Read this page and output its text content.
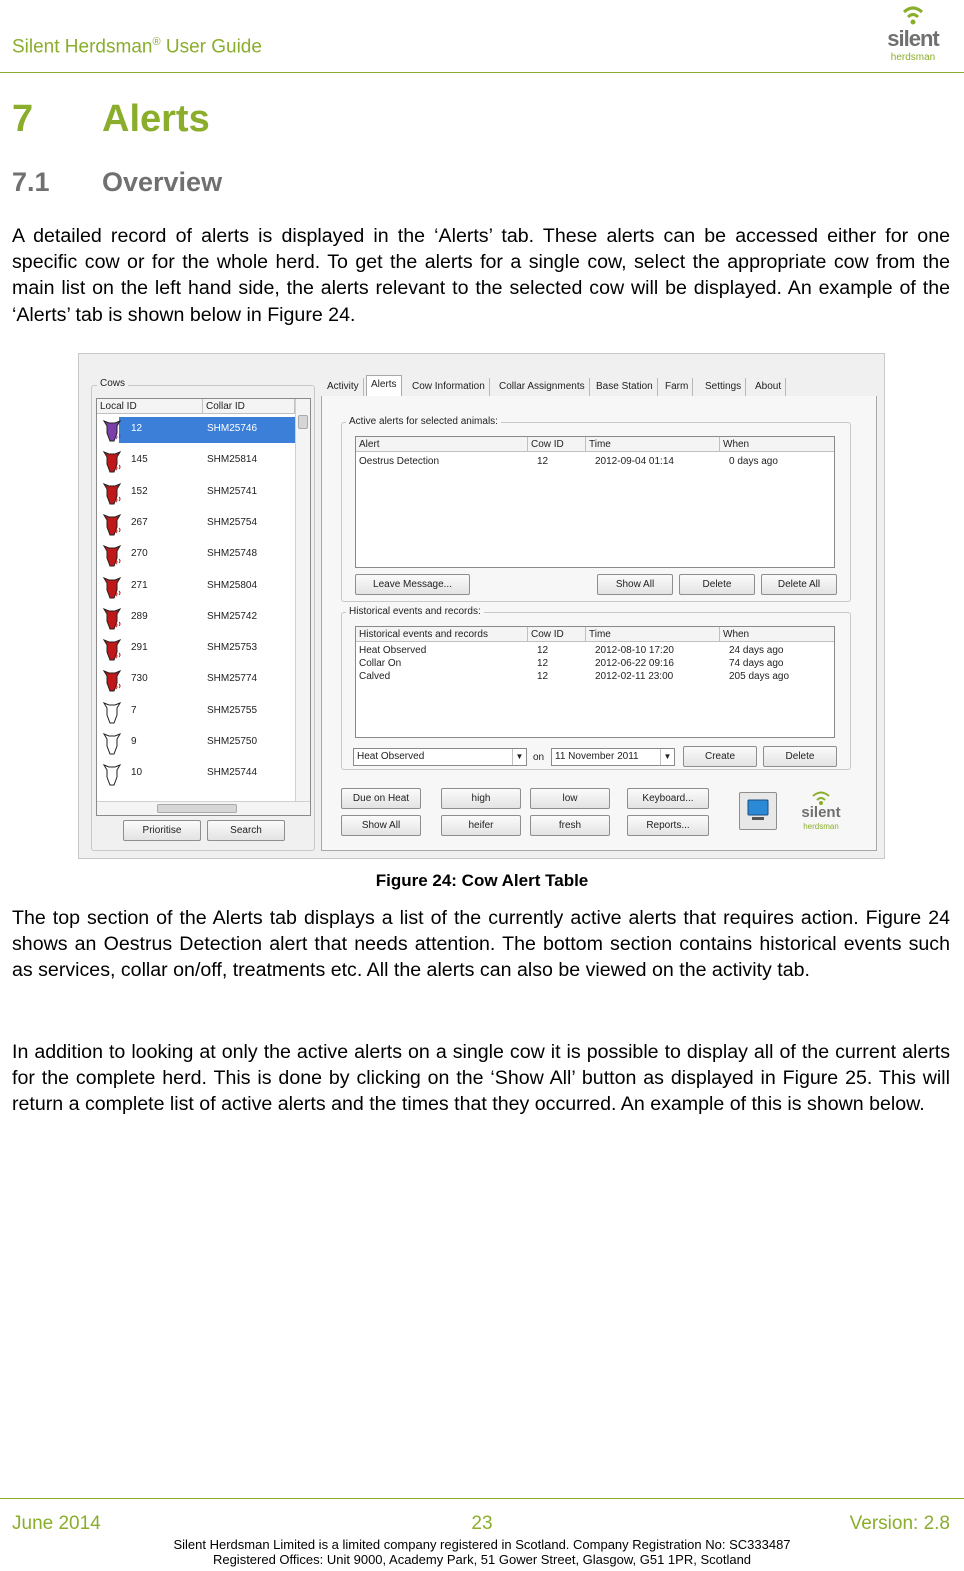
Silent Herdsman® User Guide	silent
herdsman
7 Alerts
7.1 Overview

A detailed record of alerts is displayed in the ‘Alerts’ tab. These alerts can be accessed either for one specific cow or for the whole herd. To get the alerts for a single cow, select the appropriate cow from the main list on the left hand side, the alerts relevant to the selected cow will be displayed. An example of the ‘Alerts’ tab is shown below in Figure 24.

Cows
Local ID	Collar ID
12	SHM25746
145	SHM25814
152	SHM25741
267	SHM25754
270	SHM25748
271	SHM25804
289	SHM25742
291	SHM25753
730	SHM25774
7	SHM25755
9	SHM25750
10	SHM25744
Prioritise	Search
Activity	Alerts	Cow Information	Collar Assignments	Base Station	Farm	Settings	About
Active alerts for selected animals:
Alert	Cow ID	Time	When
Oestrus Detection	12	2012-09-04 01:14	0 days ago
Leave Message...	Show All	Delete	Delete All
Historical events and records:
Historical events and records	Cow ID	Time	When
Heat Observed	12	2012-08-10 17:20	24 days ago
Collar On	12	2012-06-22 09:16	74 days ago
Calved	12	2012-02-11 23:00	205 days ago
Heat Observed	▼ on	11 November 2011	▼	Create	Delete
Due on Heat	high	low	Keyboard...
Show All	heifer	fresh	Reports...
silent
herdsman
Figure 24: Cow Alert Table

The top section of the Alerts tab displays a list of the currently active alerts that requires action. Figure 24 shows an Oestrus Detection alert that needs attention. The bottom section contains historical events such as services, collar on/off, treatments etc. All the alerts can also be viewed on the activity tab.

In addition to looking at only the active alerts on a single cow it is possible to display all of the current alerts for the complete herd. This is done by clicking on the ‘Show All’ button as displayed in Figure 25. This will return a complete list of active alerts and the times that they occurred. An example of this is shown below.

June 2014	23	Version: 2.8
Silent Herdsman Limited is a limited company registered in Scotland. Company Registration No: SC333487
Registered Offices: Unit 9000, Academy Park, 51 Gower Street, Glasgow, G51 1PR, Scotland
